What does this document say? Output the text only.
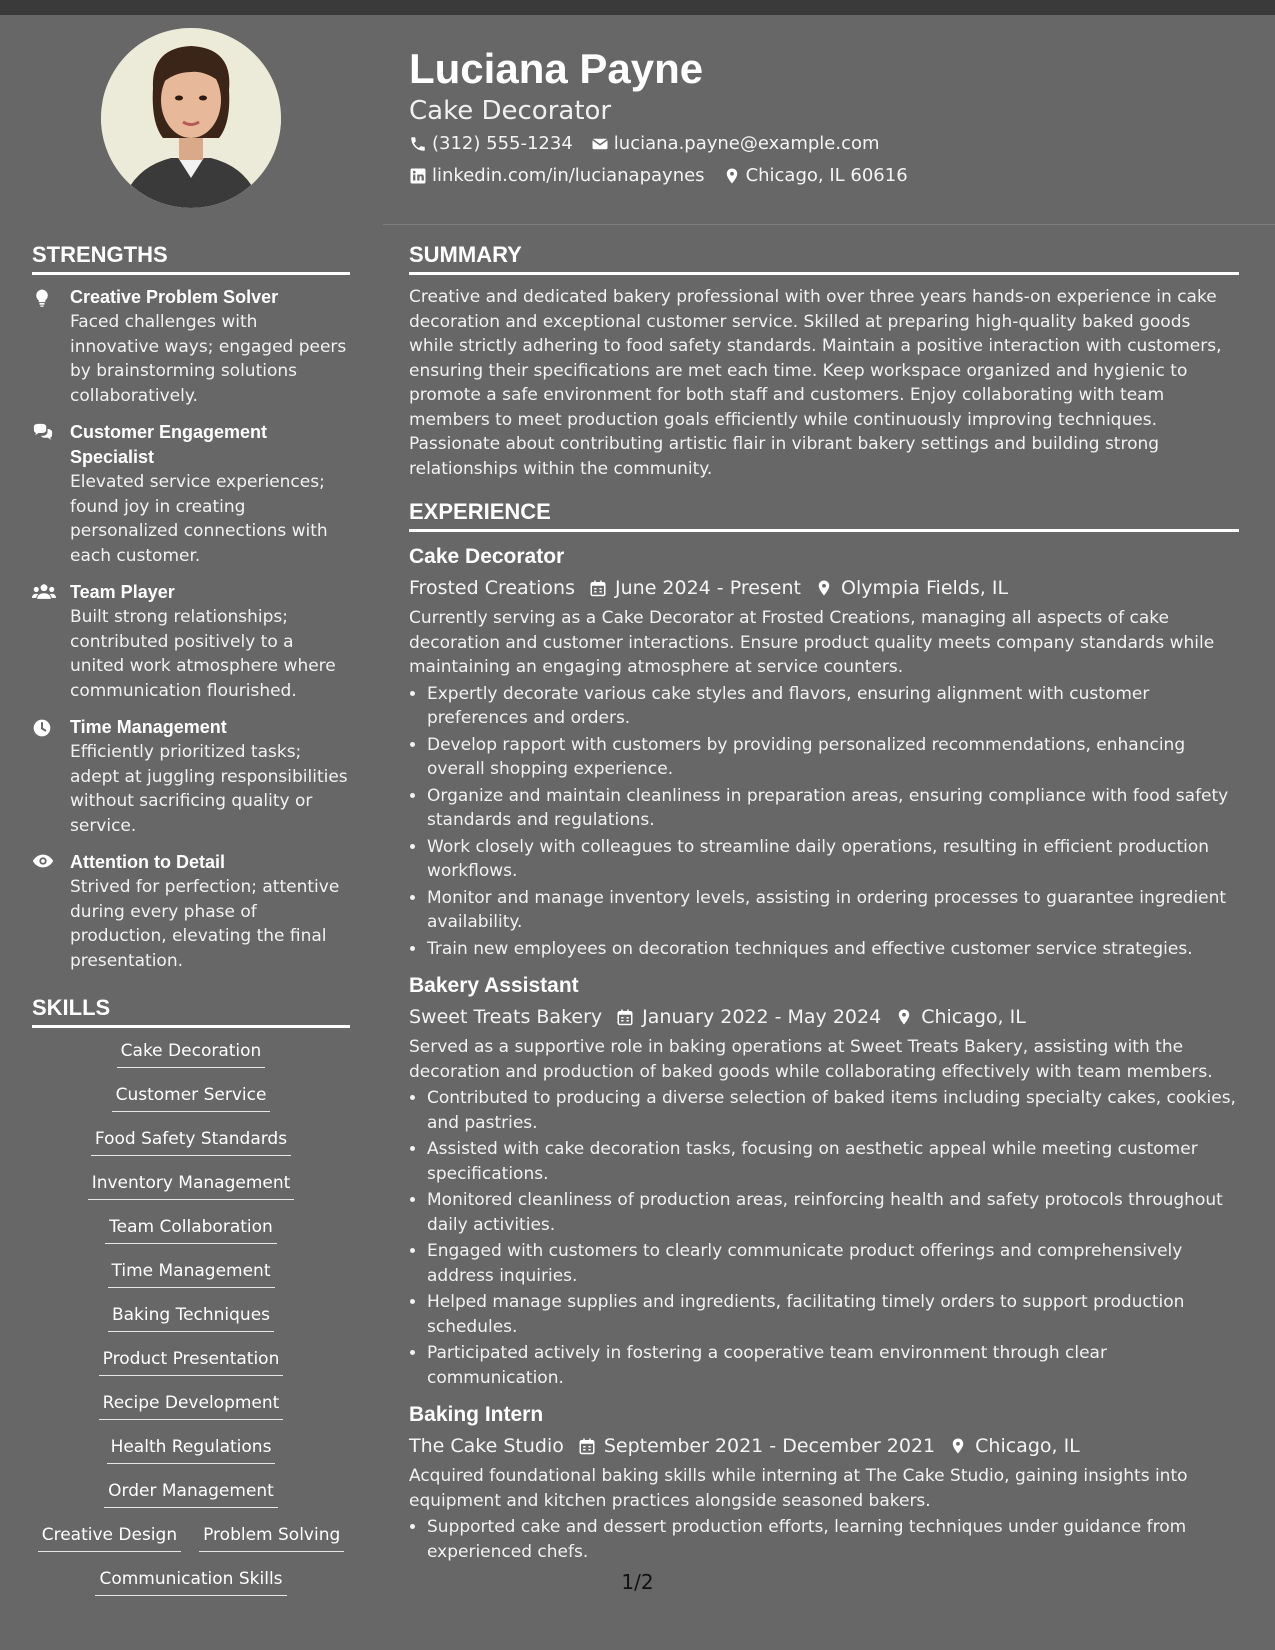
Luciana Payne
Cake Decorator
(312) 555-1234 luciana.payne@example.com
linkedin.com/in/lucianapaynes Chicago, IL 60616
STRENGTHS
Creative Problem Solver
Faced challenges with innovative ways; engaged peers by brainstorming solutions collaboratively.
Customer Engagement Specialist
Elevated service experiences; found joy in creating personalized connections with each customer.
Team Player
Built strong relationships; contributed positively to a united work atmosphere where communication flourished.
Time Management
Efficiently prioritized tasks; adept at juggling responsibilities without sacrificing quality or service.
Attention to Detail
Strived for perfection; attentive during every phase of production, elevating the final presentation.
SKILLS
Cake Decoration
Customer Service
Food Safety Standards
Inventory Management
Team Collaboration
Time Management
Baking Techniques
Product Presentation
Recipe Development
Health Regulations
Order Management
Creative Design Problem Solving
Communication Skills
SUMMARY

Creative and dedicated bakery professional with over three years hands-on experience in cake decoration and exceptional customer service. Skilled at preparing high-quality baked goods while strictly adhering to food safety standards. Maintain a positive interaction with customers, ensuring their specifications are met each time. Keep workspace organized and hygienic to promote a safe environment for both staff and customers. Enjoy collaborating with team members to meet production goals efficiently while continuously improving techniques. Passionate about contributing artistic flair in vibrant bakery settings and building strong relationships within the community.

EXPERIENCE
Cake Decorator
Frosted Creations June 2024 - Present Olympia Fields, IL
Currently serving as a Cake Decorator at Frosted Creations, managing all aspects of cake decoration and customer interactions. Ensure product quality meets company standards while maintaining an engaging atmosphere at service counters.
• Expertly decorate various cake styles and flavors, ensuring alignment with customer preferences and orders.
• Develop rapport with customers by providing personalized recommendations, enhancing overall shopping experience.
• Organize and maintain cleanliness in preparation areas, ensuring compliance with food safety standards and regulations.
• Work closely with colleagues to streamline daily operations, resulting in efficient production workflows.
• Monitor and manage inventory levels, assisting in ordering processes to guarantee ingredient availability.
• Train new employees on decoration techniques and effective customer service strategies.
Bakery Assistant
Sweet Treats Bakery January 2022 - May 2024 Chicago, IL
Served as a supportive role in baking operations at Sweet Treats Bakery, assisting with the decoration and production of baked goods while collaborating effectively with team members.
• Contributed to producing a diverse selection of baked items including specialty cakes, cookies, and pastries.
• Assisted with cake decoration tasks, focusing on aesthetic appeal while meeting customer specifications.
• Monitored cleanliness of production areas, reinforcing health and safety protocols throughout daily activities.
• Engaged with customers to clearly communicate product offerings and comprehensively address inquiries.
• Helped manage supplies and ingredients, facilitating timely orders to support production schedules.
• Participated actively in fostering a cooperative team environment through clear communication.
Baking Intern
The Cake Studio September 2021 - December 2021 Chicago, IL
Acquired foundational baking skills while interning at The Cake Studio, gaining insights into equipment and kitchen practices alongside seasoned bakers.
• Supported cake and dessert production efforts, learning techniques under guidance from experienced chefs.
1/2
